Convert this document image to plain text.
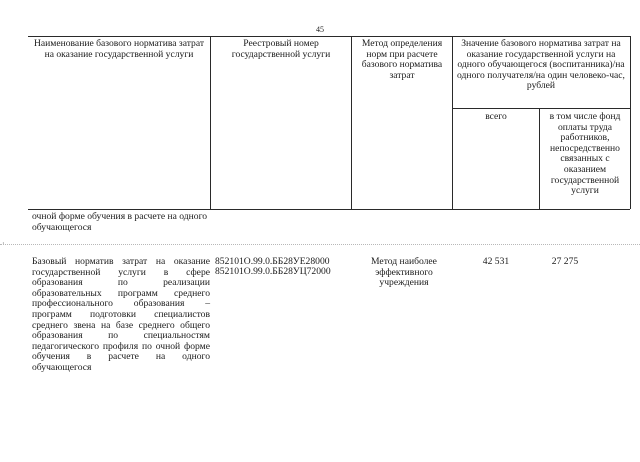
45
Наименование базового норматива затрат на оказание государственной услуги
Реестровый номер государственной услуги
Метод определения норм при расчете базового норматива затрат
Значение базового норматива затрат на оказание государственной услуги на одного обучающегося (воспитанника)/на одного получателя/на один человеко-час, рублей
всего	в том числе фонд оплаты труда работников, непосредственно связанных с оказанием государственной услуги
очной форме обучения в расчете на одного обучающегося
·
Базовый норматив затрат на оказание государственной услуги в сфере образования по реализации образовательных программ среднего профессионального образования – программ подготовки специалистов среднего звена на базе среднего общего образования по специальностям педагогического профиля по очной форме обучения в расчете на одного обучающегося
852101О.99.0.ББ28УЕ28000
852101О.99.0.ББ28УЦ72000
Метод наиболее эффективного учреждения
42 531	27 275
